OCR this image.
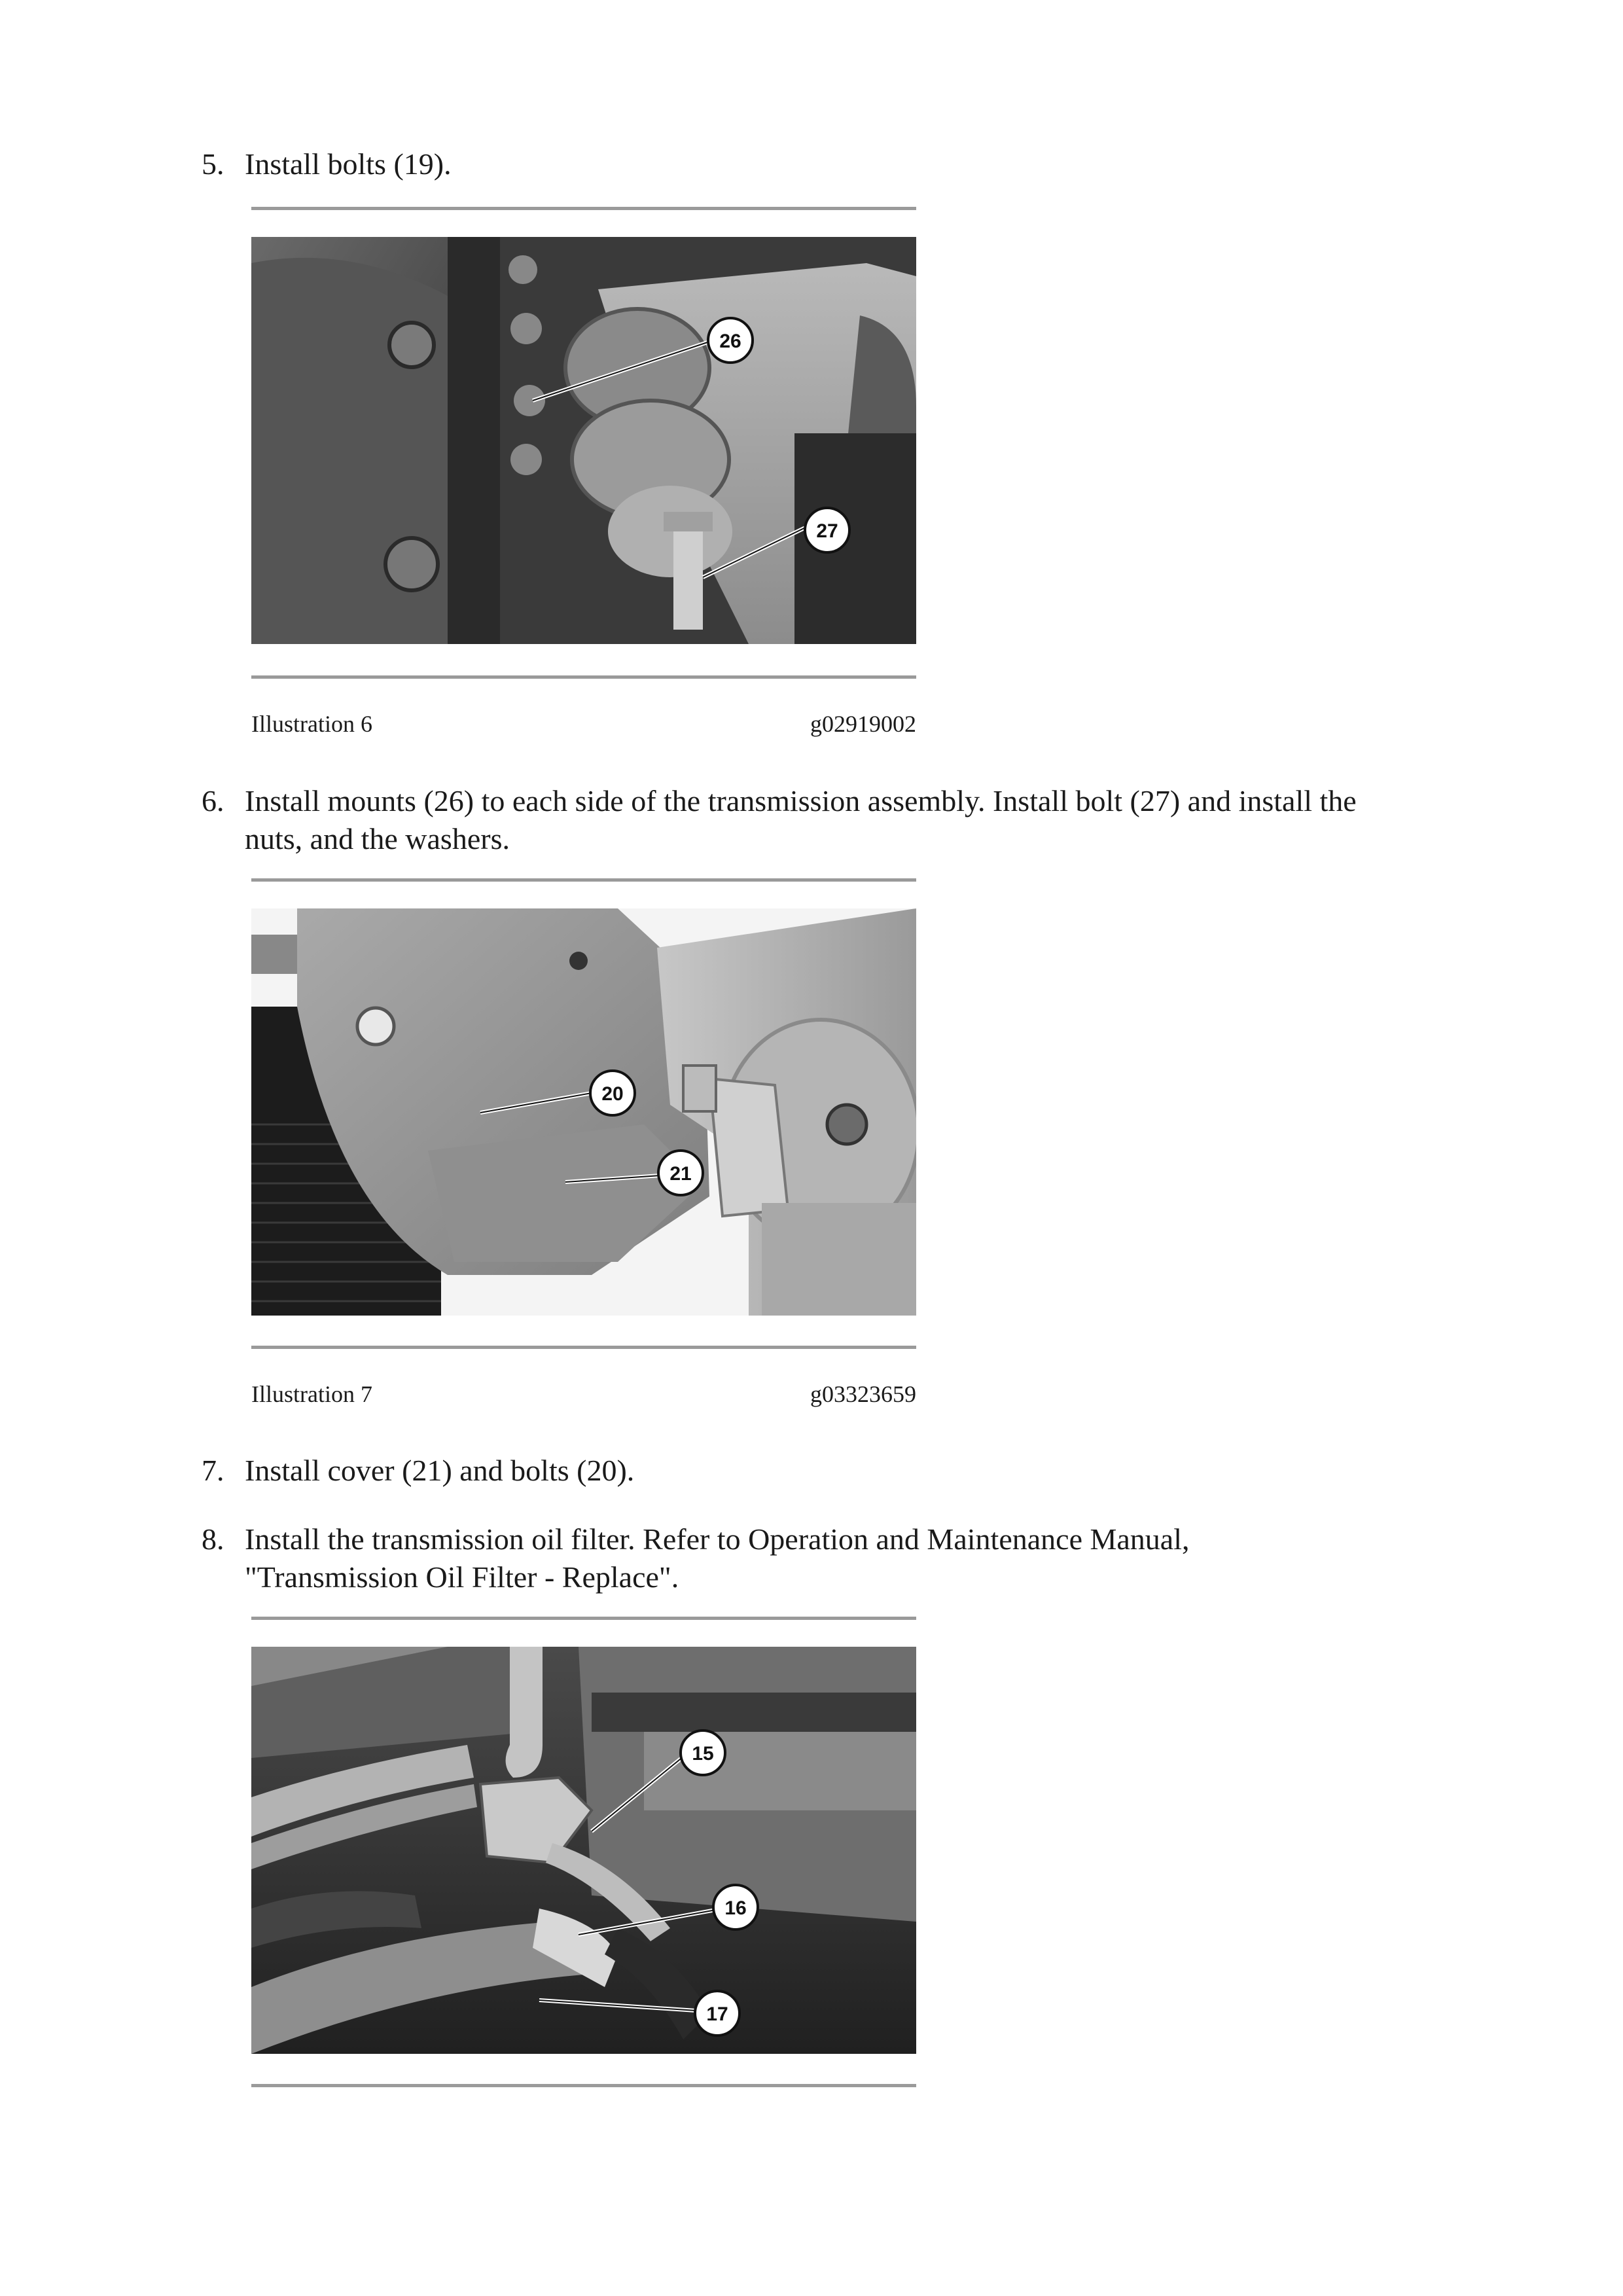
5. Install bolts (19).
26
27
Illustration 6	g02919002
6. Install mounts (26) to each side of the transmission assembly. Install bolt (27) and install the
nuts, and the washers.
20
21
Illustration 7	g03323659
7. Install cover (21) and bolts (20).
8. Install the transmission oil filter. Refer to Operation and Maintenance Manual,
"Transmission Oil Filter - Replace".
15
16
17
